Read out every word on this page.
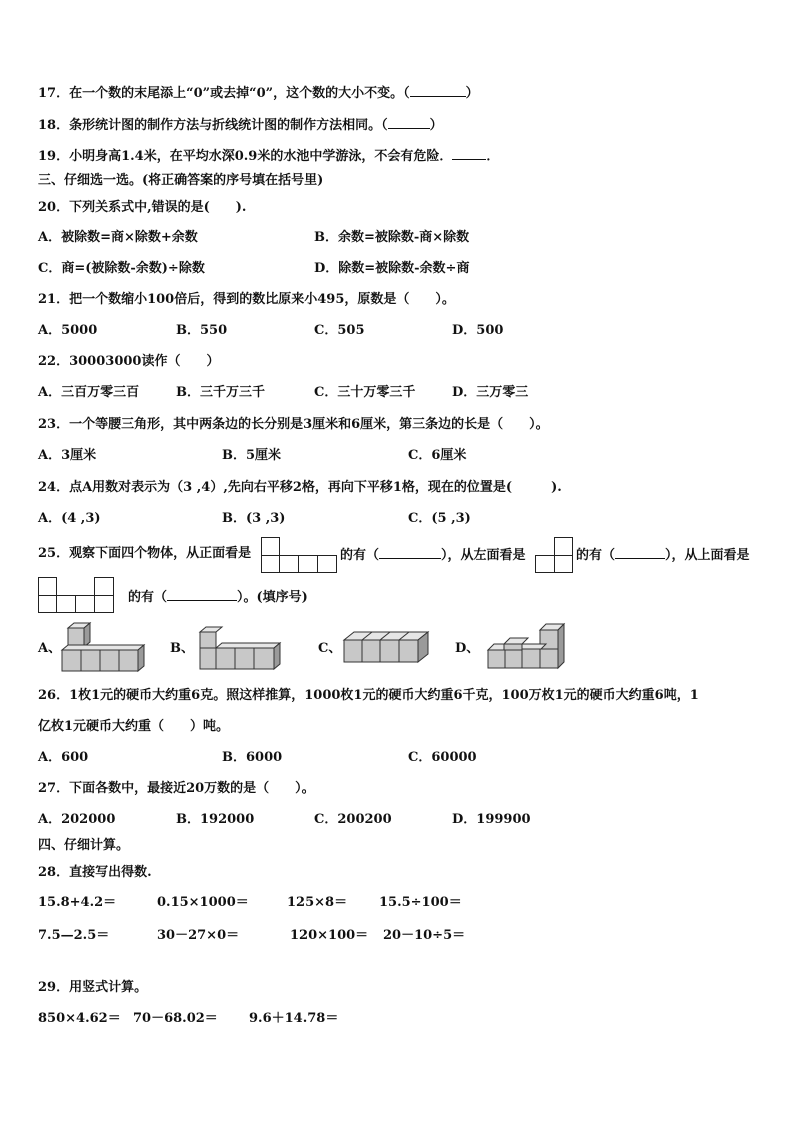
17．在一个数的末尾添上“0”或去掉“0”，这个数的大小不变。（	）
18．条形统计图的制作方法与折线统计图的制作方法相同。（	）
19．小明身高1.4米，在平均水深0.9米的水池中学游泳，不会有危险．	．
三、仔细选一选。(将正确答案的序号填在括号里)
20．下列关系式中,错误的是(　　).
A．被除数=商×除数+余数	B．余数=被除数-商×除数
C．商=(被除数-余数)÷除数	D．除数=被除数-余数÷商
21．把一个数缩小100倍后，得到的数比原来小495，原数是（　　）。
A．5000	B．550	C．505	D．500
22．30003000读作（　　）
A．三百万零三百	B．三千万三千	C．三十万零三千	D．三万零三
23．一个等腰三角形，其中两条边的长分别是3厘米和6厘米，第三条边的长是（　　）。
A．3厘米	B．5厘米	C．6厘米
24．点A用数对表示为（3 ,4）,先向右平移2格，再向下平移1格，现在的位置是(　　　).
A．(4 ,3)	B．(3 ,3)	C．(5 ,3)
25．观察下面四个物体，从正面看是	的有（	），从左面看是	的有（	），从上面看是
的有（	）。(填序号)
A、	B、	C、	D、
26．1枚1元的硬币大约重6克。照这样推算，1000枚1元的硬币大约重6千克，100万枚1元的硬币大约重6吨，1
亿枚1元硬币大约重（　　）吨。
A．600	B．6000	C．60000
27．下面各数中，最接近20万数的是（　　）。
A．202000	B．192000	C．200200	D．199900
四、仔细计算。
28．直接写出得数.
15.8+4.2＝	0.15×1000＝	125×8＝ 15.5÷100＝
7.5—2.5＝	30－27×0＝	120×100＝ 20－10÷5＝
29．用竖式计算。
850×4.62＝ 70－68.02＝ 9.6＋14.78＝
